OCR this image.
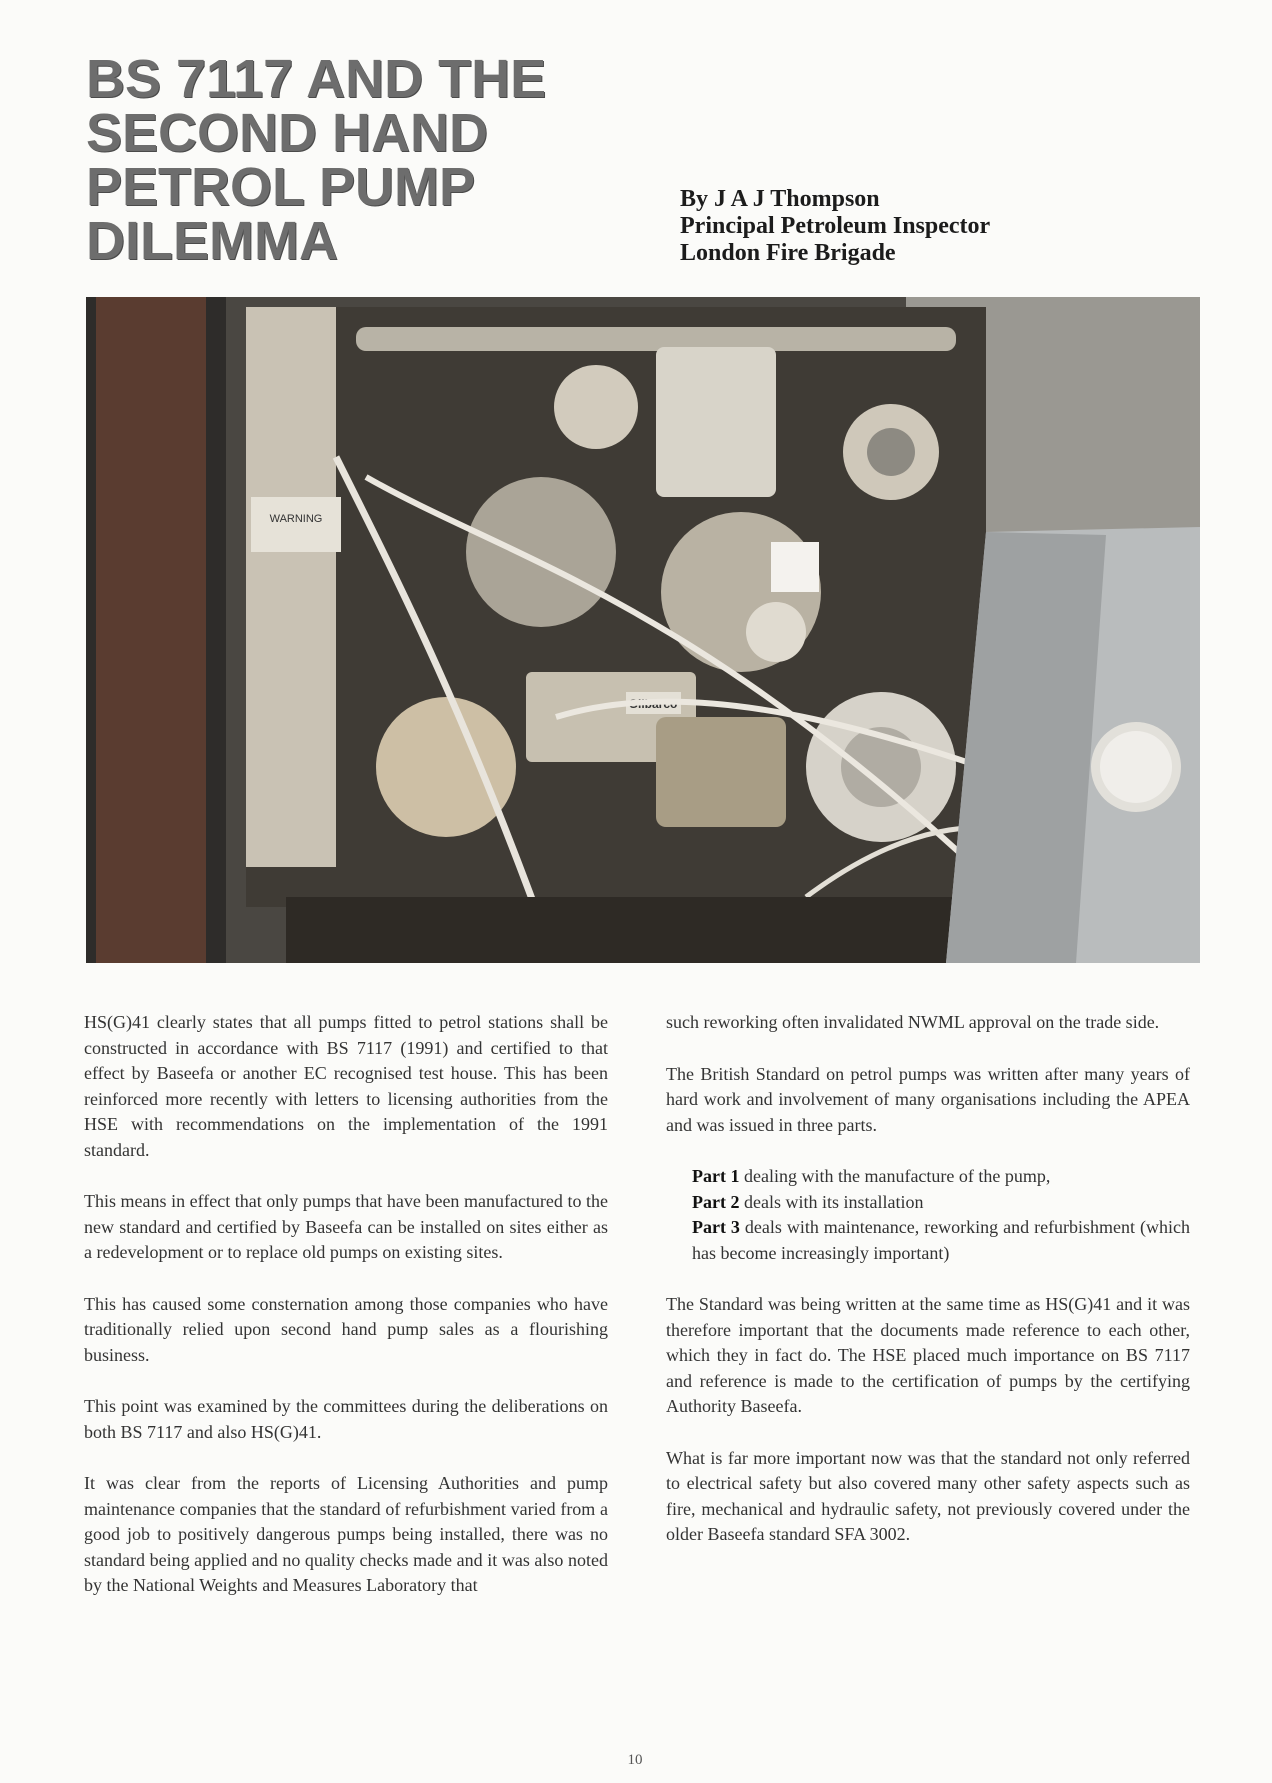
BS 7117 AND THE
SECOND HAND
PETROL PUMP
DILEMMA
By J A J Thompson
Principal Petroleum Inspector
London Fire Brigade
WARNING
Gilbarco

HS(G)41 clearly states that all pumps fitted to petrol stations shall be constructed in accordance with BS 7117 (1991) and certified to that effect by Baseefa or another EC recognised test house. This has been reinforced more recently with letters to licensing authorities from the HSE with recommendations on the implementation of the 1991 standard.

This means in effect that only pumps that have been manufactured to the new standard and certified by Baseefa can be installed on sites either as a redevelopment or to replace old pumps on existing sites.

This has caused some consternation among those companies who have traditionally relied upon second hand pump sales as a flourishing business.

This point was examined by the committees during the deliberations on both BS 7117 and also HS(G)41.

It was clear from the reports of Licensing Authorities and pump maintenance companies that the standard of refurbishment varied from a good job to positively dangerous pumps being installed, there was no standard being applied and no quality checks made and it was also noted by the National Weights and Measures Laboratory that

such reworking often invalidated NWML approval on the trade side.

The British Standard on petrol pumps was written after many years of hard work and involvement of many organisations including the APEA and was issued in three parts.

Part 1 dealing with the manufacture of the pump,
Part 2 deals with its installation
Part 3 deals with maintenance, reworking and refurbishment (which has become increasingly important)

The Standard was being written at the same time as HS(G)41 and it was therefore important that the documents made reference to each other, which they in fact do. The HSE placed much importance on BS 7117 and reference is made to the certification of pumps by the certifying Authority Baseefa.

What is far more important now was that the standard not only referred to electrical safety but also covered many other safety aspects such as fire, mechanical and hydraulic safety, not previously covered under the older Baseefa standard SFA 3002.

10
